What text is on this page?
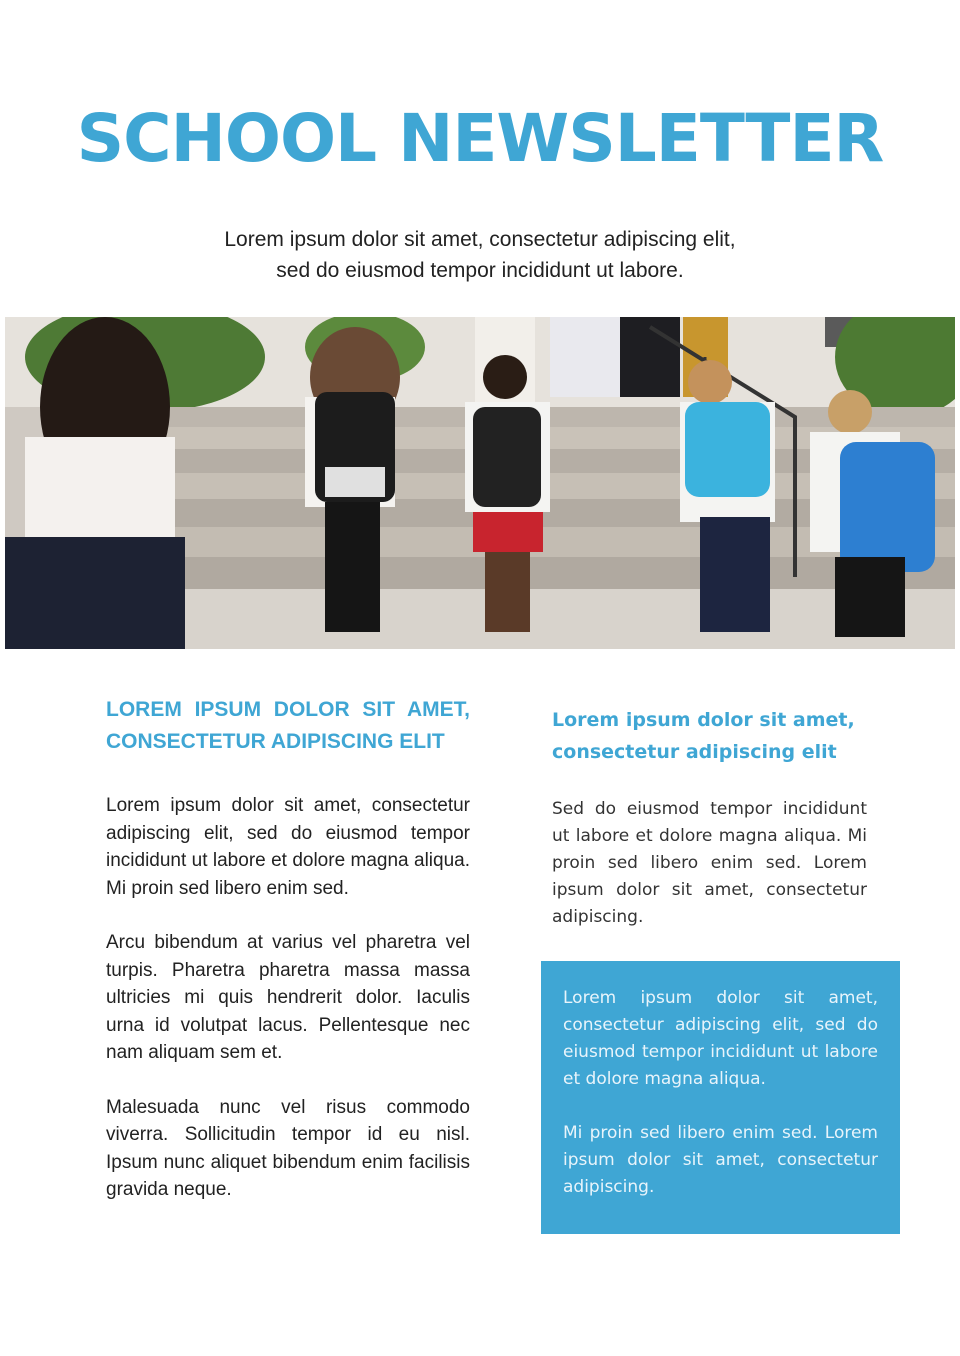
SCHOOL NEWSLETTER
Lorem ipsum dolor sit amet, consectetur adipiscing elit,
sed do eiusmod tempor incididunt ut labore.
LOREM IPSUM DOLOR SIT AMET, CONSECTETUR ADIPISCING ELIT

Lorem ipsum dolor sit amet, consectetur adipiscing elit, sed do eiusmod tempor incididunt ut labore et dolore magna aliqua. Mi proin sed libero enim sed.

Arcu bibendum at varius vel pharetra vel turpis. Pharetra pharetra massa massa ultricies mi quis hendrerit dolor. Iaculis urna id volutpat lacus. Pellentesque nec nam aliquam sem et.

Malesuada nunc vel risus commodo viverra. Sollicitudin tempor id eu nisl. Ipsum nunc aliquet bibendum enim facilisis gravida neque.

Lorem ipsum dolor sit amet, consectetur adipiscing elit

Sed do eiusmod tempor incididunt ut labore et dolore magna aliqua. Mi proin sed libero enim sed. Lorem ipsum dolor sit amet, consectetur adipiscing.

Lorem ipsum dolor sit amet, consectetur adipiscing elit, sed do eiusmod tempor incididunt ut labore et dolore magna aliqua.

Mi proin sed libero enim sed. Lorem ipsum dolor sit amet, consectetur adipiscing.
